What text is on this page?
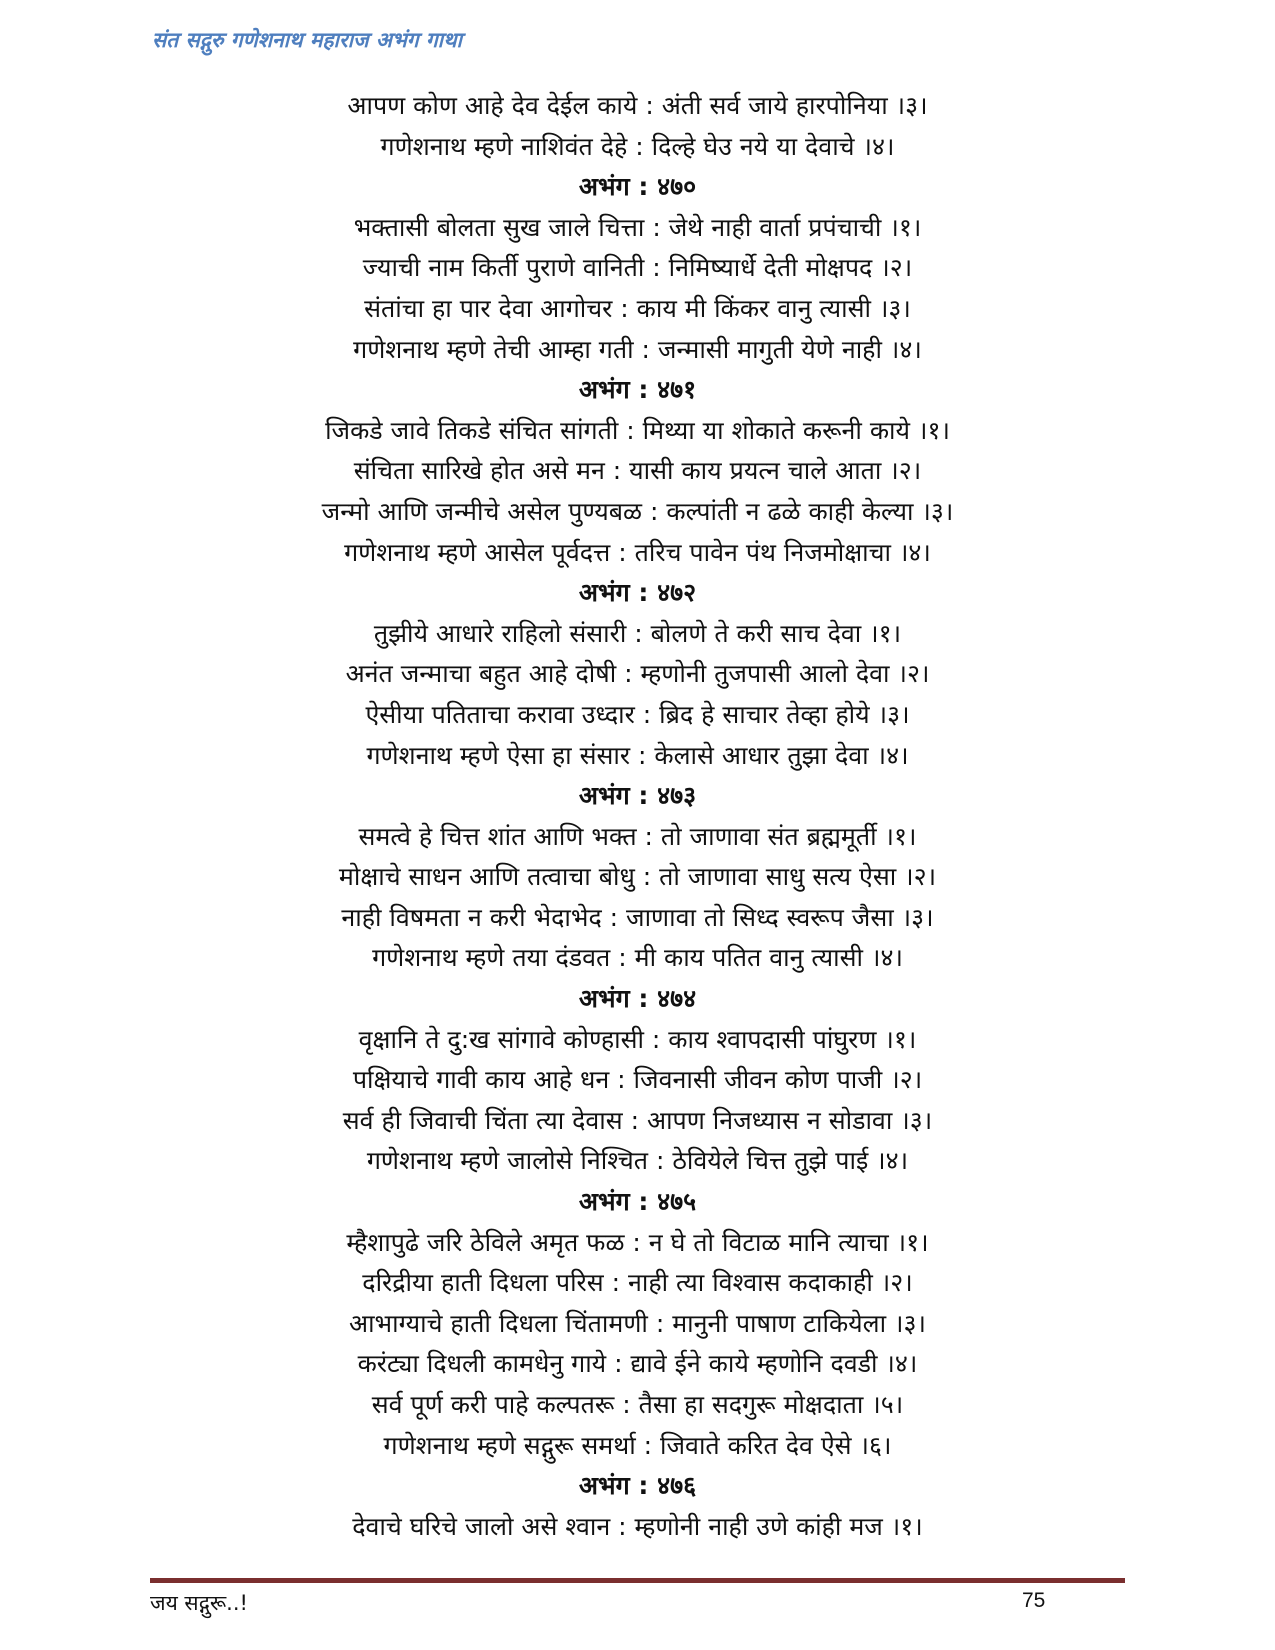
संत सद्गुरु गणेशनाथ महाराज अभंग गाथा
आपण कोण आहे देव देईल काये : अंती सर्व जाये हारपोनिया ।३।
गणेशनाथ म्हणे नाशिवंत देहे : दिल्हे घेउ नये या देवाचे ।४।
अभंग : ४७०
भक्तासी बोलता सुख जाले चित्ता : जेथे नाही वार्ता प्रपंचाची ।१।
ज्याची नाम किर्ती पुराणे वानिती : निमिष्यार्धे देती मोक्षपद ।२।
संतांचा हा पार देवा आगोचर : काय मी किंकर वानु त्यासी ।३।
गणेशनाथ म्हणे तेची आम्हा गती : जन्मासी मागुती येणे नाही ।४।
अभंग : ४७१
जिकडे जावे तिकडे संचित सांगती : मिथ्या या शोकाते करूनी काये ।१।
संचिता सारिखे होत असे मन : यासी काय प्रयत्न चाले आता ।२।
जन्मो आणि जन्मीचे असेल पुण्यबळ : कल्पांती न ढळे काही केल्या ।३।
गणेशनाथ म्हणे आसेल पूर्वदत्त : तरिच पावेन पंथ निजमोक्षाचा ।४।
अभंग : ४७२
तुझीये आधारे राहिलो संसारी : बोलणे ते करी साच देवा ।१।
अनंत जन्माचा बहुत आहे दोषी : म्हणोनी तुजपासी आलो देवा ।२।
ऐसीया पतिताचा करावा उध्दार : ब्रिद हे साचार तेव्हा होये ।३।
गणेशनाथ म्हणे ऐसा हा संसार : केलासे आधार तुझा देवा ।४।
अभंग : ४७३
समत्वे हे चित्त शांत आणि भक्त : तो जाणावा संत ब्रह्ममूर्ती ।१।
मोक्षाचे साधन आणि तत्वाचा बोधु : तो जाणावा साधु सत्य ऐसा ।२।
नाही विषमता न करी भेदाभेद : जाणावा तो सिध्द स्वरूप जैसा ।३।
गणेशनाथ म्हणे तया दंडवत : मी काय पतित वानु त्यासी ।४।
अभंग : ४७४
वृक्षानि ते दु:ख सांगावे कोण्हासी : काय श्वापदासी पांघुरण ।१।
पक्षियाचे गावी काय आहे धन : जिवनासी जीवन कोण पाजी ।२।
सर्व ही जिवाची चिंता त्या देवास : आपण निजध्यास न सोडावा ।३।
गणेशनाथ म्हणे जालोसे निश्चित : ठेवियेले चित्त तुझे पाई ।४।
अभंग : ४७५
म्हैशापुढे जरि ठेविले अमृत फळ : न घे तो विटाळ मानि त्याचा ।१।
दरिद्रीया हाती दिधला परिस : नाही त्या विश्वास कदाकाही ।२।
आभाग्याचे हाती दिधला चिंतामणी : मानुनी पाषाण टाकियेला ।३।
करंट्या दिधली कामधेनु गाये : द्यावे ईने काये म्हणोनि दवडी ।४।
सर्व पूर्ण करी पाहे कल्पतरू : तैसा हा सदगुरू मोक्षदाता ।५।
गणेशनाथ म्हणे सद्गुरू समर्था : जिवाते करित देव ऐसे ।६।
अभंग : ४७६
देवाचे घरिचे जालो असे श्वान : म्हणोनी नाही उणे कांही मज ।१।
जय सद्गुरू..!	75
